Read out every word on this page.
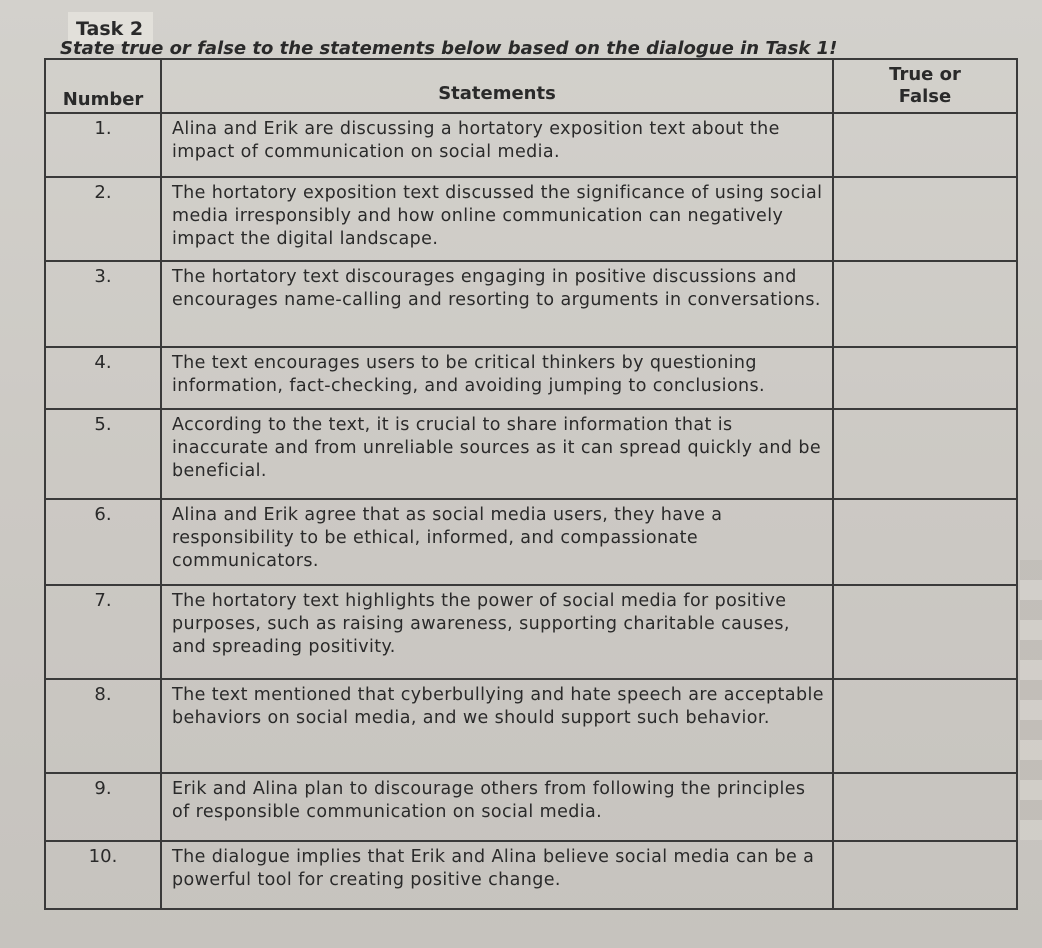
Task 2
State true or false to the statements below based on the dialogue in Task 1!
Number	Statements	True or
False

1.	Alina and Erik are discussing a hortatory exposition text about the impact of communication on social media.	
2.	The hortatory exposition text discussed the significance of using social media irresponsibly and how online communication can negatively impact the digital landscape.	
3.	The hortatory text discourages engaging in positive discussions and encourages name-calling and resorting to arguments in conversations.	
4.	The text encourages users to be critical thinkers by questioning information, fact-checking, and avoiding jumping to conclusions.	
5.	According to the text, it is crucial to share information that is inaccurate and from unreliable sources as it can spread quickly and be beneficial.	
6.	Alina and Erik agree that as social media users, they have a responsibility to be ethical, informed, and compassionate communicators.	
7.	The hortatory text highlights the power of social media for positive purposes, such as raising awareness, supporting charitable causes, and spreading positivity.	
8.	The text mentioned that cyberbullying and hate speech are acceptable behaviors on social media, and we should support such behavior.	
9.	Erik and Alina plan to discourage others from following the principles of responsible communication on social media.	
10.	The dialogue implies that Erik and Alina believe social media can be a powerful tool for creating positive change.	
